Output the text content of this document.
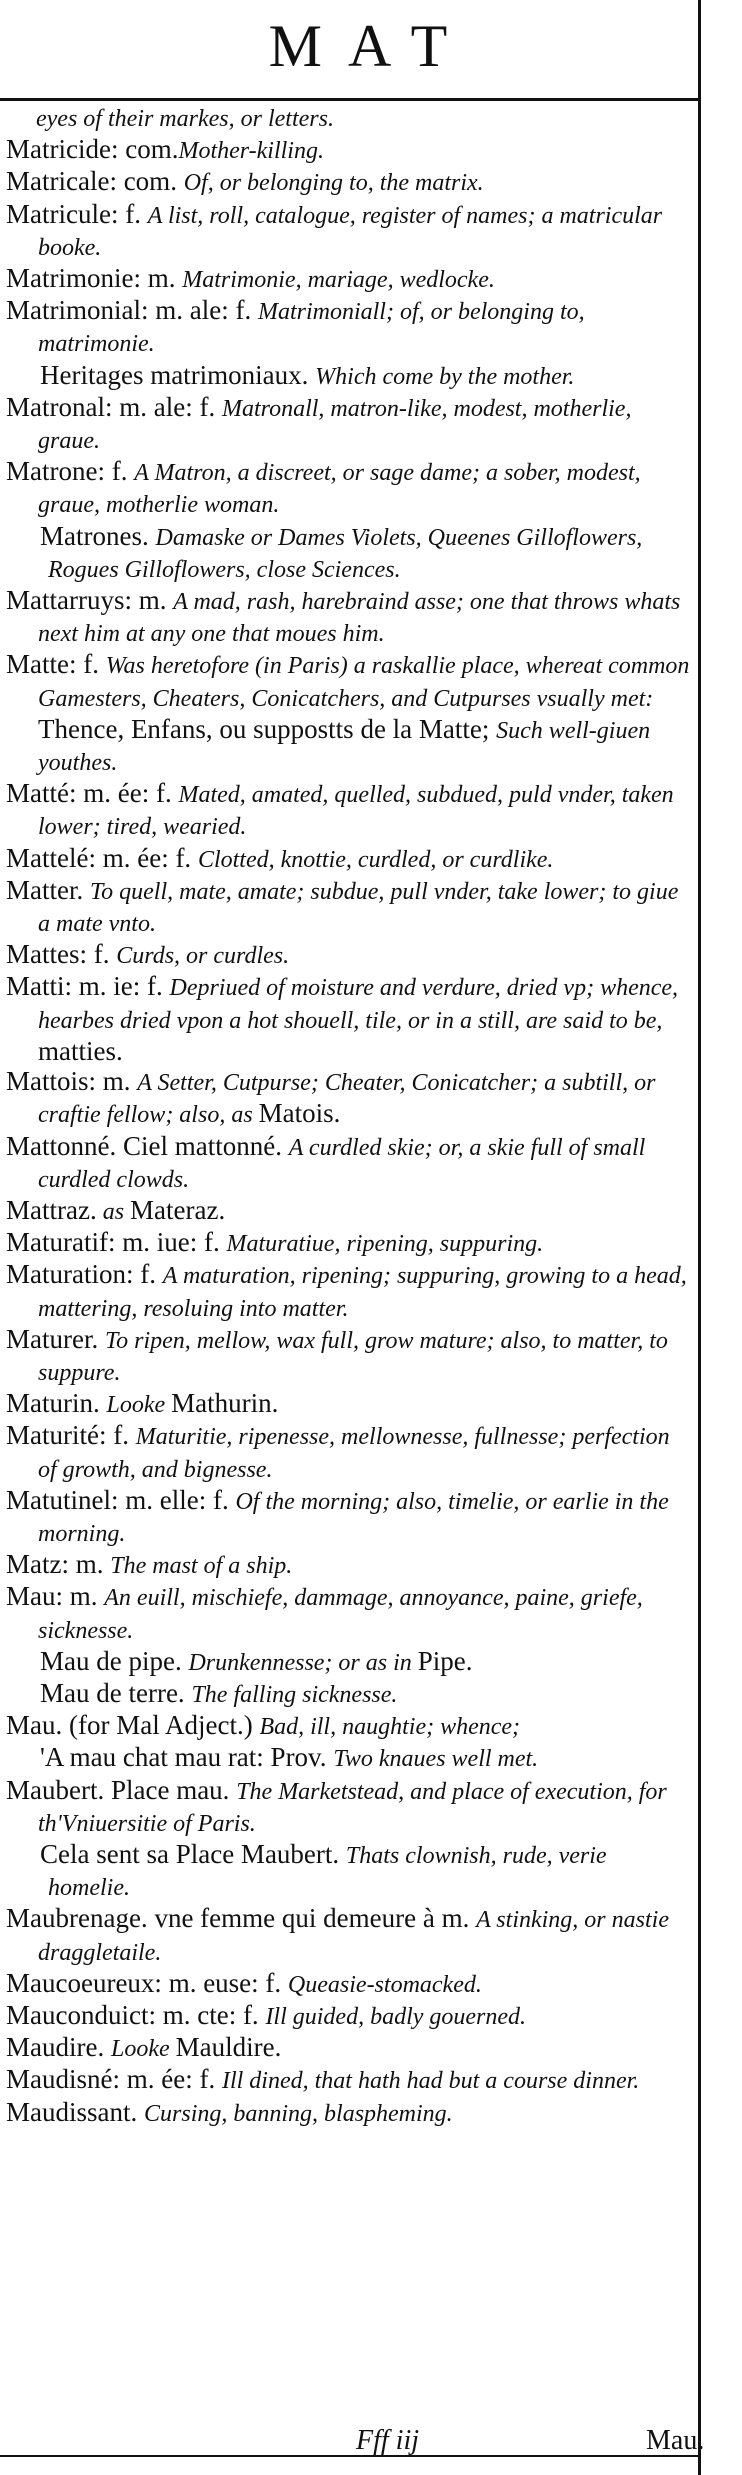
MAT
eyes of their markes, or letters.
Matricide: com.Mother-killing.
Matricale: com. Of, or belonging to, the matrix.
Matricule: f. A list, roll, catalogue, register of names; a matricular booke.
Matrimonie: m. Matrimonie, mariage, wedlocke.
Matrimonial: m. ale: f. Matrimoniall; of, or belonging to, matrimonie.
Heritages matrimoniaux. Which come by the mother.
Matronal: m. ale: f. Matronall, matron-like, modest, motherlie, graue.
Matrone: f. A Matron, a discreet, or sage dame; a sober, modest, graue, motherlie woman.
Matrones. Damaske or Dames Violets, Queenes Gilloflowers, Rogues Gilloflowers, close Sciences.
Mattarruys: m. A mad, rash, harebraind asse; one that throws whats next him at any one that moues him.
Matte: f. Was heretofore (in Paris) a raskallie place, whereat common Gamesters, Cheaters, Conicatchers, and Cutpurses vsually met: Thence, Enfans, ou suppostts de la Matte; Such well-giuen youthes.
Matté: m. ée: f. Mated, amated, quelled, subdued, puld vnder, taken lower; tired, wearied.
Mattelé: m. ée: f. Clotted, knottie, curdled, or curdlike.
Matter. To quell, mate, amate; subdue, pull vnder, take lower; to giue a mate vnto.
Mattes: f. Curds, or curdles.
Matti: m. ie: f. Depriued of moisture and verdure, dried vp; whence, hearbes dried vpon a hot shouell, tile, or in a still, are said to be, matties.
Mattois: m. A Setter, Cutpurse; Cheater, Conicatcher; a subtill, or craftie fellow; also, as Matois.
Mattonné. Ciel mattonné. A curdled skie; or, a skie full of small curdled clowds.
Mattraz. as Materaz.
Maturatif: m. iue: f. Maturatiue, ripening, suppuring.
Maturation: f. A maturation, ripening; suppuring, growing to a head, mattering, resoluing into matter.
Maturer. To ripen, mellow, wax full, grow mature; also, to matter, to suppure.
Maturin. Looke Mathurin.
Maturité: f. Maturitie, ripenesse, mellownesse, fullnesse; perfection of growth, and bignesse.
Matutinel: m. elle: f. Of the morning; also, timelie, or earlie in the morning.
Matz: m. The mast of a ship.
Mau: m. An euill, mischiefe, dammage, annoyance, paine, griefe, sicknesse.
Mau de pipe. Drunkennesse; or as in Pipe.
Mau de terre. The falling sicknesse.
Mau. (for Mal Adject.) Bad, ill, naughtie; whence;
'A mau chat mau rat: Prov. Two knaues well met.
Maubert. Place mau. The Marketstead, and place of execution, for th'Vniuersitie of Paris.
Cela sent sa Place Maubert. Thats clownish, rude, verie homelie.
Maubrenage. vne femme qui demeure à m. A stinking, or nastie draggletaile.
Maucoeureux: m. euse: f. Queasie-stomacked.
Mauconduict: m. cte: f. Ill guided, badly gouerned.
Maudire. Looke Mauldire.
Maudisné: m. ée: f. Ill dined, that hath had but a course dinner.
Maudissant. Cursing, banning, blaspheming.
Fff iij	Mau.
